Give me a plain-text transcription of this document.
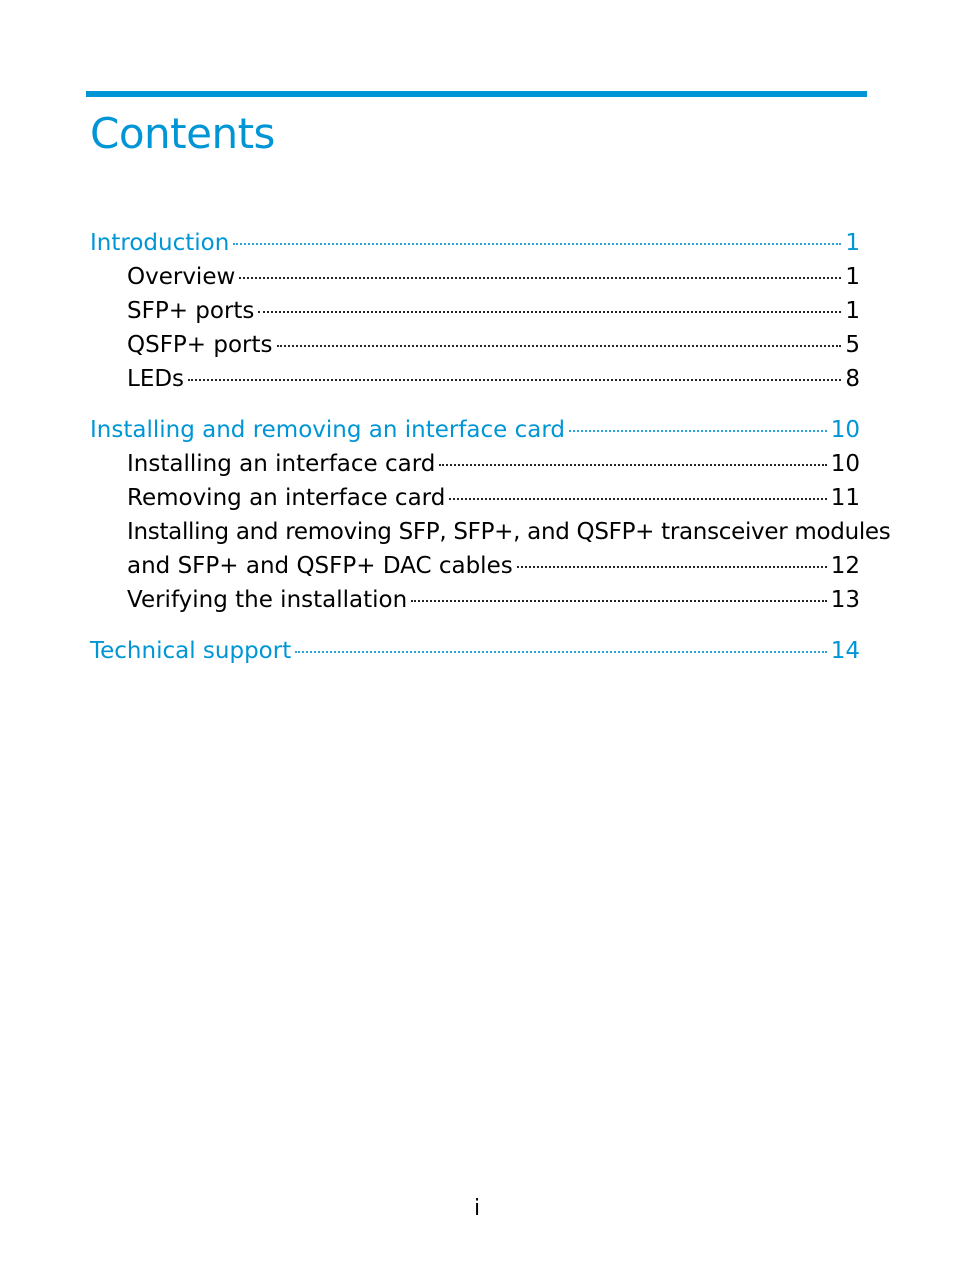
Contents
Introduction	1
Overview	1
SFP+ ports	1
QSFP+ ports	5
LEDs	8
Installing and removing an interface card	10
Installing an interface card	10
Removing an interface card	11
Installing and removing SFP, SFP+, and QSFP+ transceiver modules
and SFP+ and QSFP+ DAC cables	12
Verifying the installation	13
Technical support	14
i
